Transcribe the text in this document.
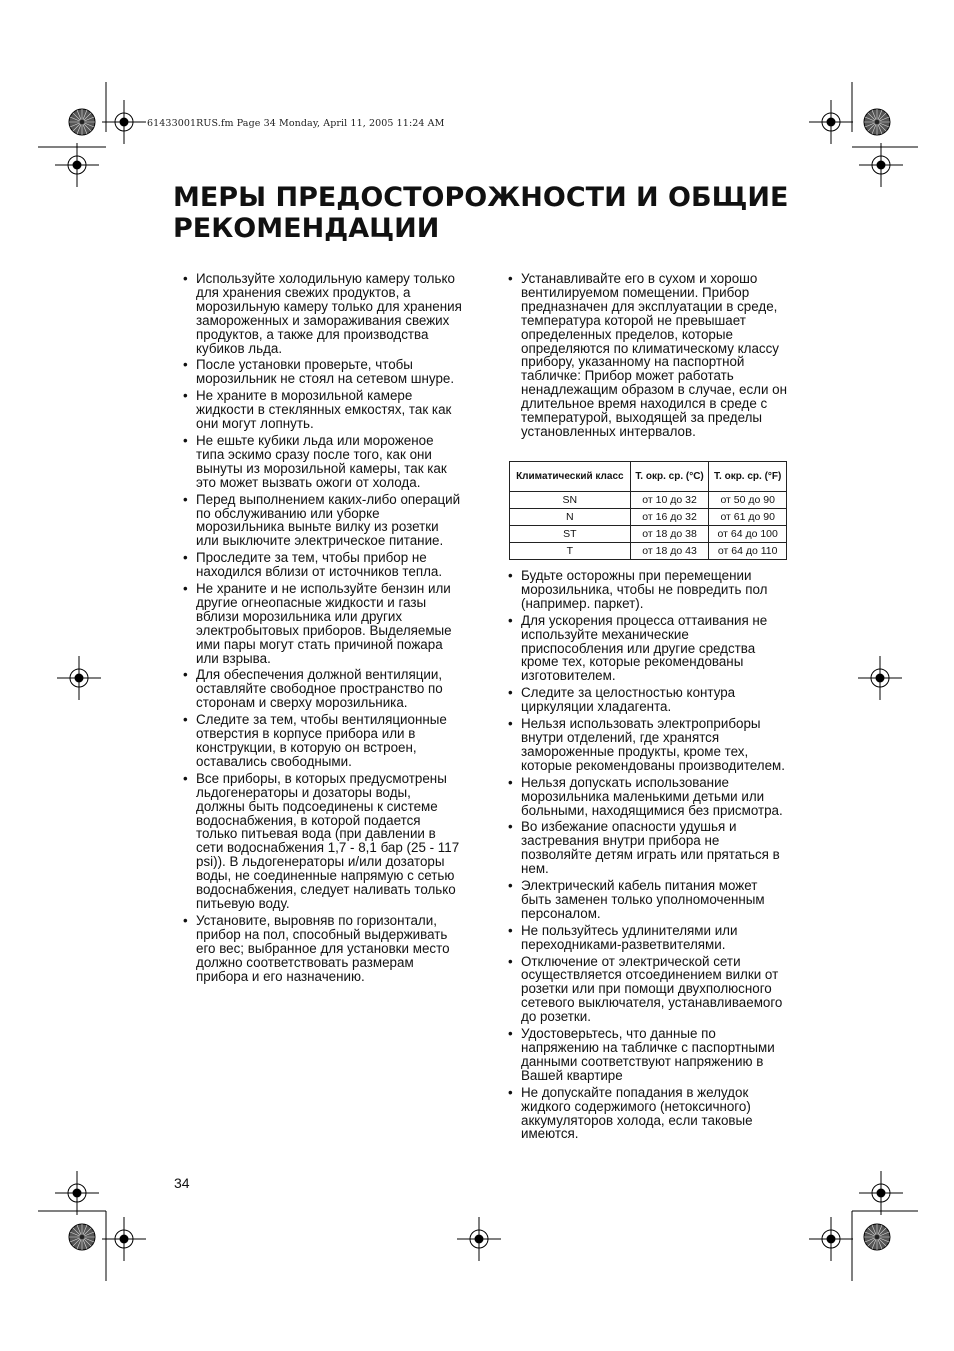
61433001RUS.fm Page 34 Monday, April 11, 2005 11:24 AM
МЕРЫ ПРЕДОСТОРОЖНОСТИ И ОБЩИЕ РЕКОМЕНДАЦИИ
• Используйте холодильную камеру только для хранения свежих продуктов, а морозильную камеру только для хранения замороженных и замораживания свежих продуктов, а также для производства кубиков льда.
• После установки проверьте, чтобы морозильник не стоял на сетевом шнуре.
• Не храните в морозильной камере жидкости в стеклянных емкостях, так как они могут лопнуть.
• Не ешьте кубики льда или мороженое типа эскимо сразу после того, как они вынуты из морозильной камеры, так как это может вызвать ожоги от холода.
• Перед выполнением каких-либо операций по обслуживанию или уборке морозильника выньте вилку из розетки или выключите электрическое питание.
• Проследите за тем, чтобы прибор не находился вблизи от источников тепла.
• Не храните и не используйте бензин или другие огнеопасные жидкости и газы вблизи морозильника или других электробытовых приборов. Выделяемые ими пары могут стать причиной пожара или взрыва.
• Для обеспечения должной вентиляции, оставляйте свободное пространство по сторонам и сверху морозильника.
• Следите за тем, чтобы вентиляционные отверстия в корпусе прибора или в конструкции, в которую он встроен, оставались свободными.
• Все приборы, в которых предусмотрены льдогенераторы и дозаторы воды, должны быть подсоединены к системе водоснабжения, в которой подается только питьевая вода (при давлении в сети водоснабжения 1,7 - 8,1 бар (25 - 117 psi)). В льдогенераторы и/или дозаторы воды, не соединенные напрямую с сетью водоснабжения, следует наливать только питьевую воду.
• Установите, выровняв по горизонтали, прибор на пол, способный выдерживать его вес; выбранное для установки место должно соответствовать размерам прибора и его назначению.
• Устанавливайте его в сухом и хорошо вентилируемом помещении. Прибор предназначен для эксплуатации в среде, температура которой не превышает определенных пределов, которые определяются по климатическому классу прибору, указанному на паспортной табличке: Прибор может работать ненадлежащим образом в случае, если он длительное время находился в среде с температурой, выходящей за пределы установленных интервалов.
Климатический класс	Т. окр. ср. (°C)	Т. окр. ср. (°F)
SN	от 10 до 32	от 50 до 90
N	от 16 до 32	от 61 до 90
ST	от 18 до 38	от 64 до 100
T	от 18 до 43	от 64 до 110
• Будьте осторожны при перемещении морозильника, чтобы не повредить пол (например. паркет).
• Для ускорения процесса оттаивания не используйте механические приспособления или другие средства кроме тех, которые рекомендованы изготовителем.
• Следите за целостностью контура циркуляции хладагента.
• Нельзя использовать электроприборы внутри отделений, где хранятся замороженные продукты, кроме тех, которые рекомендованы производителем.
• Нельзя допускать использование морозильника маленькими детьми или больными, находящимися без присмотра.
• Во избежание опасности удушья и застревания внутри прибора не позволяйте детям играть или прятаться в нем.
• Электрический кабель питания может быть заменен только уполномоченным персоналом.
• Не пользуйтесь удлинителями или переходниками-разветвителями.
• Отключение от электрической сети осуществляется отсоединением вилки от розетки или при помощи двухполюсного сетевого выключателя, устанавливаемого до розетки.
• Удостоверьтесь, что данные по напряжению на табличке с паспортными данными соответствуют напряжению в Вашей квартире
• Не допускайте попадания в желудок жидкого содержимого (нетоксичного) аккумуляторов холода, если таковые имеются.
34
